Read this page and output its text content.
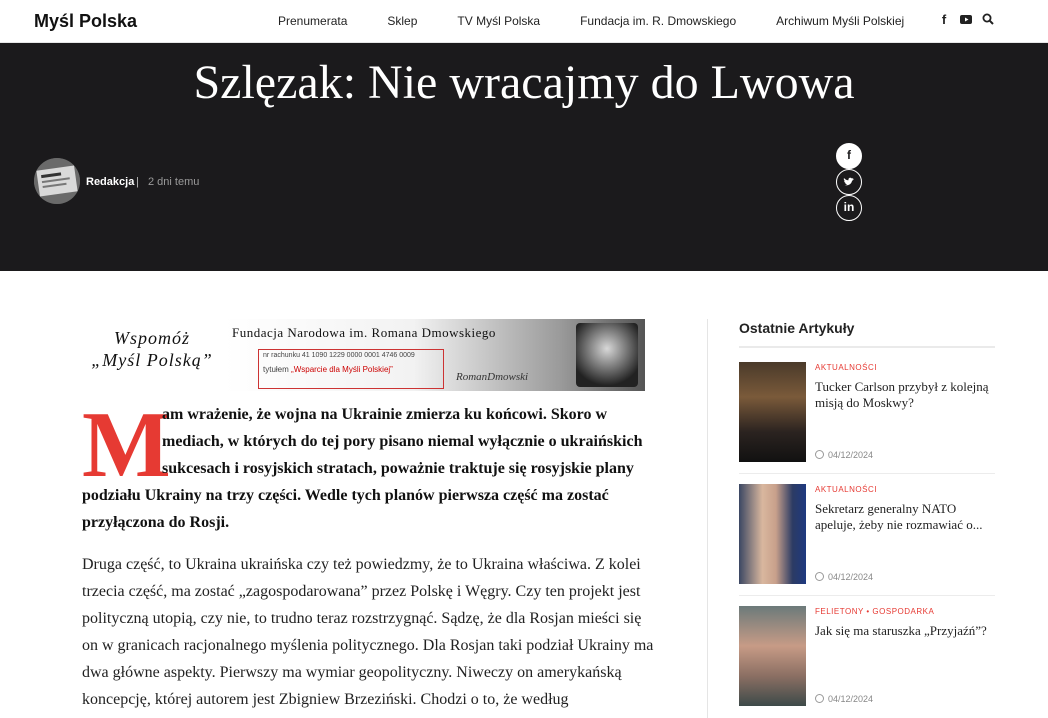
Myśl Polska	Prenumerata	Sklep	TV Myśl Polska	Fundacja im. R. Dmowskiego	Archiwum Myśli Polskiej	f
Szlęzak: Nie wracajmy do Lwowa
Redakcja | 2 dni temu
f
in
Wspomóż
„Myśl Polską”
Fundacja Narodowa im. Romana Dmowskiego
nr rachunku 41 1090 1229 0000 0001 4746 0009
tytułem „Wsparcie dla Myśli Polskiej”
RomanDmowski
M
am wrażenie, że wojna na Ukrainie zmierza ku końcowi. Skoro w
mediach, w których do tej pory pisano niemal wyłącznie o ukraińskich
sukcesach i rosyjskich stratach, poważnie traktuje się rosyjskie plany
podziału Ukrainy na trzy części. Wedle tych planów pierwsza część ma zostać
przyłączona do Rosji.
Druga część, to Ukraina ukraińska czy też powiedzmy, że to Ukraina właściwa. Z kolei
trzecia część, ma zostać „zagospodarowana” przez Polskę i Węgry. Czy ten projekt jest
polityczną utopią, czy nie, to trudno teraz rozstrzygnąć. Sądzę, że dla Rosjan mieści się
on w granicach racjonalnego myślenia politycznego. Dla Rosjan taki podział Ukrainy ma
dwa główne aspekty. Pierwszy ma wymiar geopolityczny. Niweczy on amerykańską
koncepcję, której autorem jest Zbigniew Brzeziński. Chodzi o to, że według
Ostatnie Artykuły
AKTUALNOŚCI
Tucker Carlson przybył z kolejną misją do Moskwy?
04/12/2024
AKTUALNOŚCI
Sekretarz generalny NATO apeluje, żeby nie rozmawiać o...
04/12/2024
FELIETONY • GOSPODARKA
Jak się ma staruszka „Przyjaźń”?
04/12/2024
